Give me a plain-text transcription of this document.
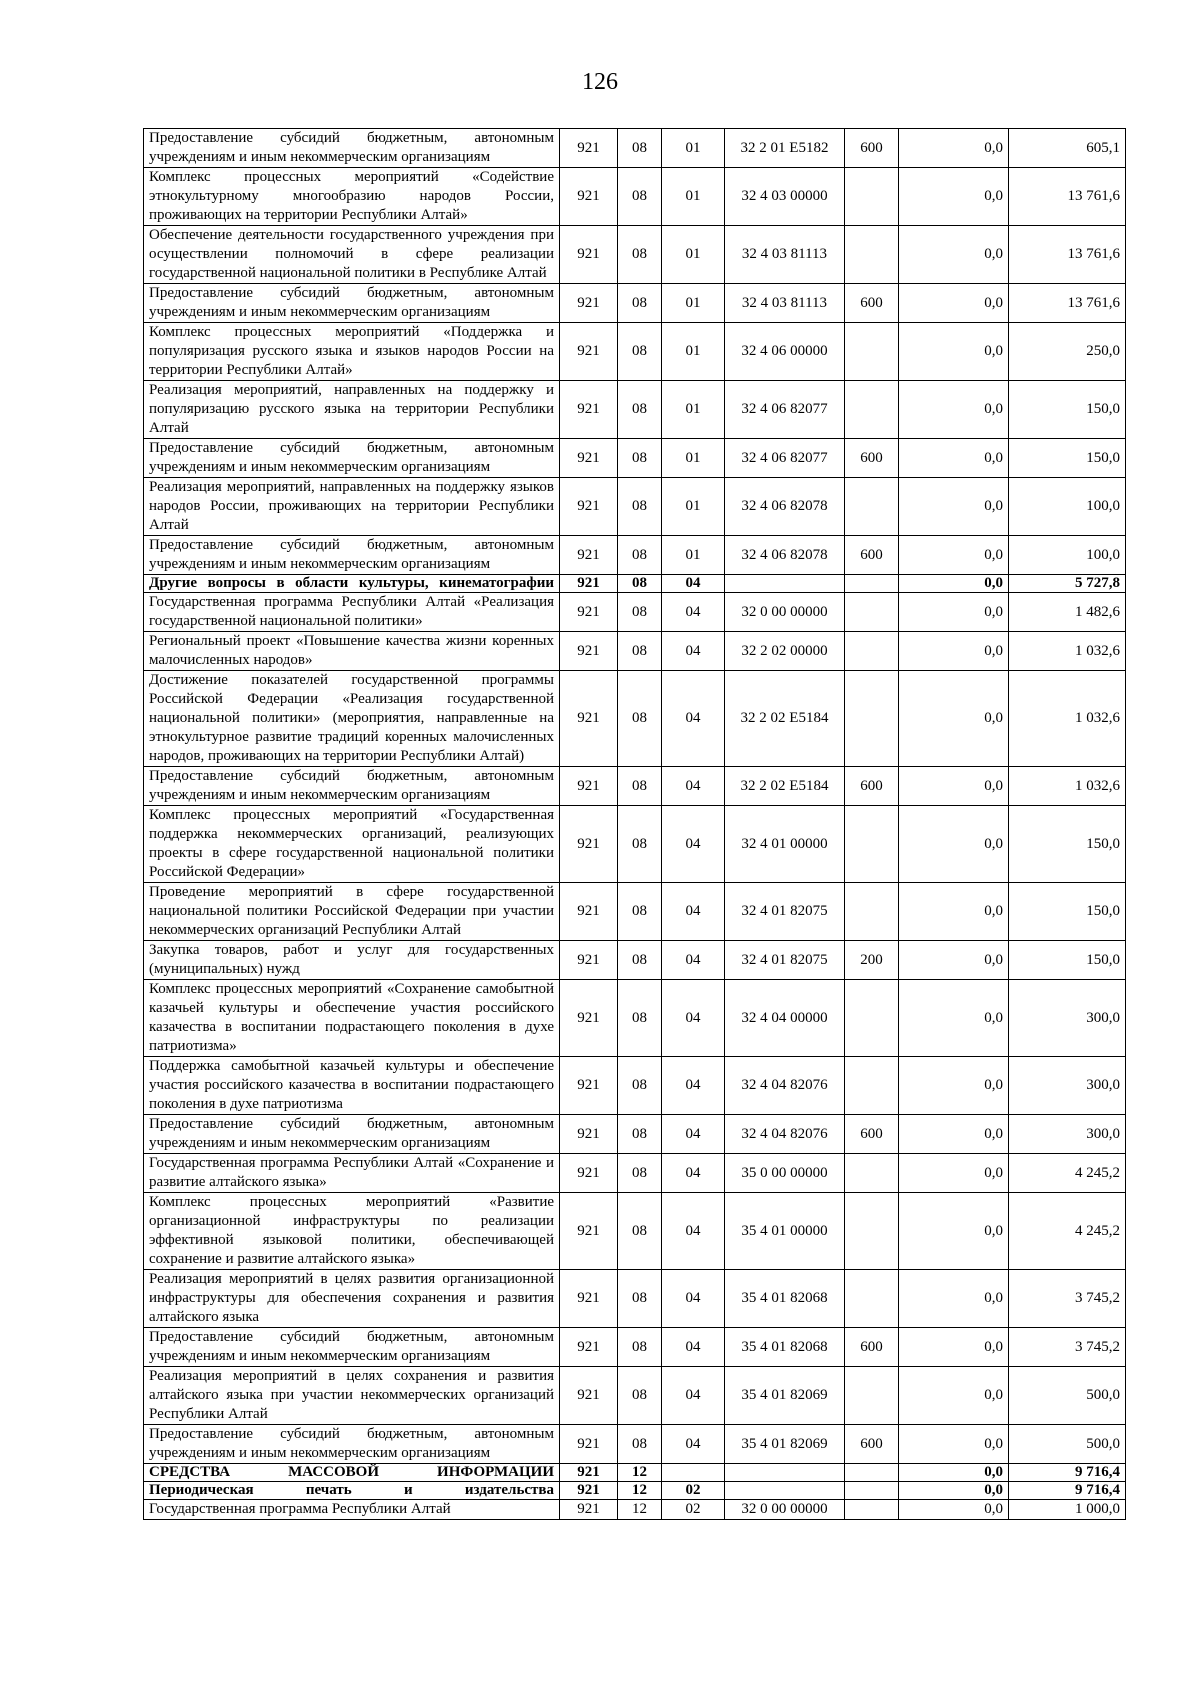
126
Предоставление субсидий бюджетным, автономным учреждениям и иным некоммерческим организациям	921	08	01	32 2 01 E5182	600	0,0	605,1
Комплекс процессных мероприятий «Содействие этнокультурному многообразию народов России, проживающих на территории Республики Алтай»	921	08	01	32 4 03 00000		0,0	13 761,6
Обеспечение деятельности государственного учреждения при осуществлении полномочий в сфере реализации государственной национальной политики в Республике Алтай	921	08	01	32 4 03 81113		0,0	13 761,6
Предоставление субсидий бюджетным, автономным учреждениям и иным некоммерческим организациям	921	08	01	32 4 03 81113	600	0,0	13 761,6
Комплекс процессных мероприятий «Поддержка и популяризация русского языка и языков народов России на территории Республики Алтай»	921	08	01	32 4 06 00000		0,0	250,0
Реализация мероприятий, направленных на поддержку и популяризацию русского языка на территории Республики Алтай	921	08	01	32 4 06 82077		0,0	150,0
Предоставление субсидий бюджетным, автономным учреждениям и иным некоммерческим организациям	921	08	01	32 4 06 82077	600	0,0	150,0
Реализация мероприятий, направленных на поддержку языков народов России, проживающих на территории Республики Алтай	921	08	01	32 4 06 82078		0,0	100,0
Предоставление субсидий бюджетным, автономным учреждениям и иным некоммерческим организациям	921	08	01	32 4 06 82078	600	0,0	100,0
Другие вопросы в области культуры, кинематографии	921	08	04			0,0	5 727,8
Государственная программа Республики Алтай «Реализация государственной национальной политики»	921	08	04	32 0 00 00000		0,0	1 482,6
Региональный проект «Повышение качества жизни коренных малочисленных народов»	921	08	04	32 2 02 00000		0,0	1 032,6
Достижение показателей государственной программы Российской Федерации «Реализация государственной национальной политики» (мероприятия, направленные на этнокультурное развитие традиций коренных малочисленных народов, проживающих на территории Республики Алтай)	921	08	04	32 2 02 E5184		0,0	1 032,6
Предоставление субсидий бюджетным, автономным учреждениям и иным некоммерческим организациям	921	08	04	32 2 02 E5184	600	0,0	1 032,6
Комплекс процессных мероприятий «Государственная поддержка некоммерческих организаций, реализующих проекты в сфере государственной национальной политики Российской Федерации»	921	08	04	32 4 01 00000		0,0	150,0
Проведение мероприятий в сфере государственной национальной политики Российской Федерации при участии некоммерческих организаций Республики Алтай	921	08	04	32 4 01 82075		0,0	150,0
Закупка товаров, работ и услуг для государственных (муниципальных) нужд	921	08	04	32 4 01 82075	200	0,0	150,0
Комплекс процессных мероприятий «Сохранение самобытной казачьей культуры и обеспечение участия российского казачества в воспитании подрастающего поколения в духе патриотизма»	921	08	04	32 4 04 00000		0,0	300,0
Поддержка самобытной казачьей культуры и обеспечение участия российского казачества в воспитании подрастающего поколения в духе патриотизма	921	08	04	32 4 04 82076		0,0	300,0
Предоставление субсидий бюджетным, автономным учреждениям и иным некоммерческим организациям	921	08	04	32 4 04 82076	600	0,0	300,0
Государственная программа Республики Алтай «Сохранение и развитие алтайского языка»	921	08	04	35 0 00 00000		0,0	4 245,2
Комплекс процессных мероприятий «Развитие организационной инфраструктуры по реализации эффективной языковой политики, обеспечивающей сохранение и развитие алтайского языка»	921	08	04	35 4 01 00000		0,0	4 245,2
Реализация мероприятий в целях развития организационной инфраструктуры для обеспечения сохранения и развития алтайского языка	921	08	04	35 4 01 82068		0,0	3 745,2
Предоставление субсидий бюджетным, автономным учреждениям и иным некоммерческим организациям	921	08	04	35 4 01 82068	600	0,0	3 745,2
Реализация мероприятий в целях сохранения и развития алтайского языка при участии некоммерческих организаций Республики Алтай	921	08	04	35 4 01 82069		0,0	500,0
Предоставление субсидий бюджетным, автономным учреждениям и иным некоммерческим организациям	921	08	04	35 4 01 82069	600	0,0	500,0
СРЕДСТВА МАССОВОЙ ИНФОРМАЦИИ	921	12				0,0	9 716,4
Периодическая печать и издательства	921	12	02			0,0	9 716,4
Государственная программа Республики Алтай	921	12	02	32 0 00 00000		0,0	1 000,0
